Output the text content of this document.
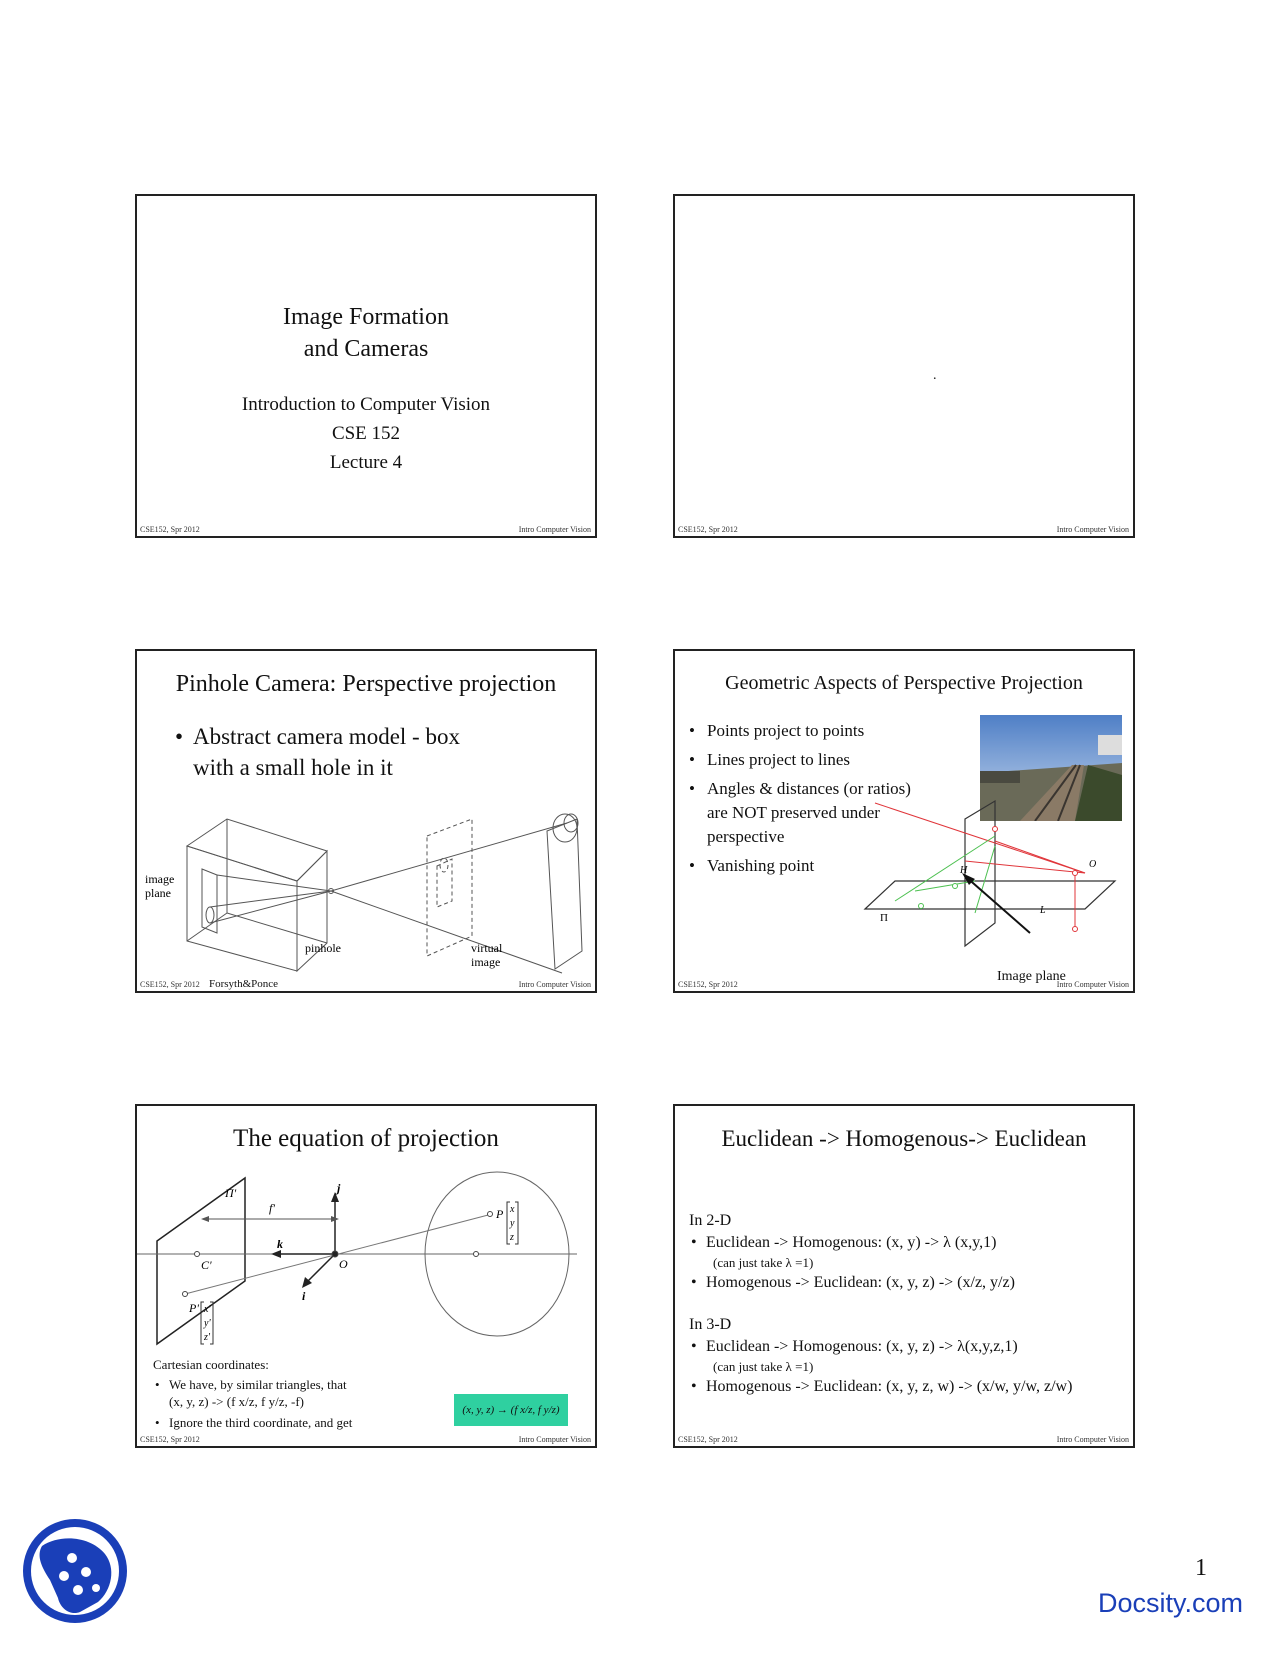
Image Formation
and Cameras
Introduction to Computer Vision
CSE 152
Lecture 4
CSE152, Spr 2012	Intro Computer Vision
.
CSE152, Spr 2012	Intro Computer Vision
Pinhole Camera: Perspective projection
• Abstract camera model - box
with a small hole in it
image
plane
pinhole	virtual
image
Forsyth&Ponce
CSE152, Spr 2012	Intro Computer Vision
Geometric Aspects of Perspective Projection
• Points project to points
• Lines project to lines
• Angles & distances (or ratios)
are NOT preserved under
perspective
• Vanishing point	H
O
L
Π
Image plane
CSE152, Spr 2012	Intro Computer Vision
The equation of projection
Π'
f'
j
k
O
C'
i
P x
y
z
P' x'
y'
z'
Cartesian coordinates:
• We have, by similar triangles, that
(x, y, z) -> (f x/z, f y/z, -f)
• Ignore the third coordinate, and get
(x, y, z) → (f x/z, f y/z)
CSE152, Spr 2012	Intro Computer Vision
Euclidean -> Homogenous-> Euclidean
In 2-D
• Euclidean -> Homogenous: (x, y) -> λ (x,y,1)
(can just take λ =1)
• Homogenous -> Euclidean: (x, y, z) -> (x/z, y/z)
In 3-D
• Euclidean -> Homogenous: (x, y, z) -> λ(x,y,z,1)
(can just take λ =1)
• Homogenous -> Euclidean: (x, y, z, w) -> (x/w, y/w, z/w)
CSE152, Spr 2012	Intro Computer Vision
1
Docsity.com
